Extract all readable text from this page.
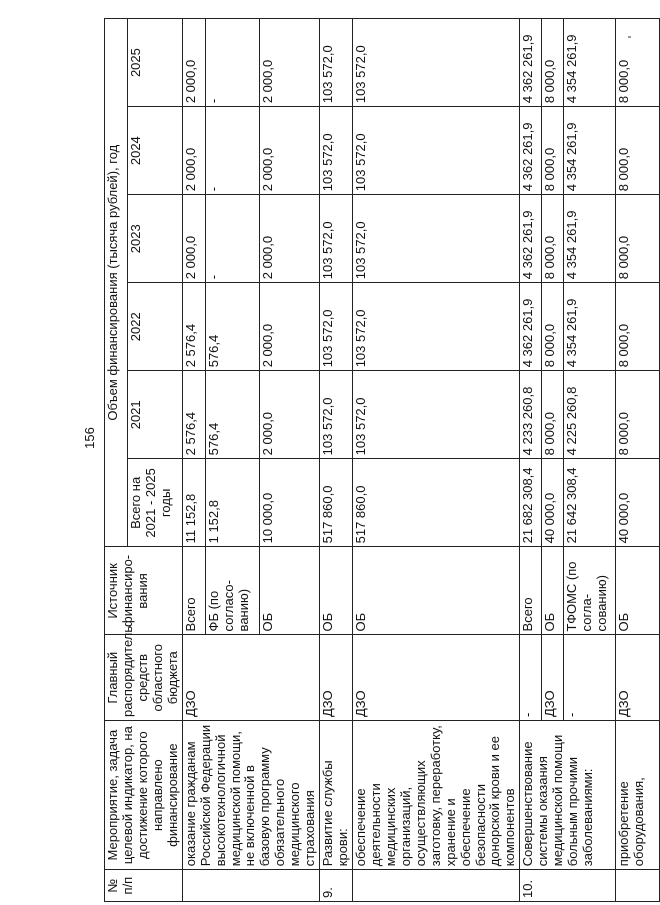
156
№ п/п	Мероприятие, задача целевой индикатор, на достижение которого направлено финансирование	Главный распорядитель средств областного бюджета	Источник финансиро-вания	Объем финансирования (тысяча рублей), год					
				Всего на 2021 - 2025 годы	2021	2022	2023	2024	2025
	оказание гражданам Российской Федерации высокотехнологичной медицинской помощи, не включенной в базовую программу обязательного медицинского страхования	ДЗО	Всего	11 152,8	2 576,4	2 576,4	2 000,0	2 000,0	2 000,0
			ФБ (по согласо-ванию)	1 152,8	576,4	576,4	-	-	-
			ОБ	10 000,0	2 000,0	2 000,0	2 000,0	2 000,0	2 000,0
9.	Развитие службы крови:	ДЗО	ОБ	517 860,0	103 572,0	103 572,0	103 572,0	103 572,0	103 572,0
	обеспечение деятельности медицинских организаций, осуществляющих заготовку, переработку, хранение и обеспечение безопасности донорской крови и ее компонентов	ДЗО	ОБ	517 860,0	103 572,0	103 572,0	103 572,0	103 572,0	103 572,0
10.	Совершенствование системы оказания медицинской помощи больным прочими заболеваниями:	-	Всего	21 682 308,4	4 233 260,8	4 362 261,9	4 362 261,9	4 362 261,9	4 362 261,9
		ДЗО	ОБ	40 000,0	8 000,0	8 000,0	8 000,0	8 000,0	8 000,0
		-	ТФОМС (по согла-сованию)	21 642 308,4	4 225 260,8	4 354 261,9	4 354 261,9	4 354 261,9	4 354 261,9
	приобретение оборудования,	ДЗО	ОБ	40 000,0	8 000,0	8 000,0	8 000,0	8 000,0	8 000,0
